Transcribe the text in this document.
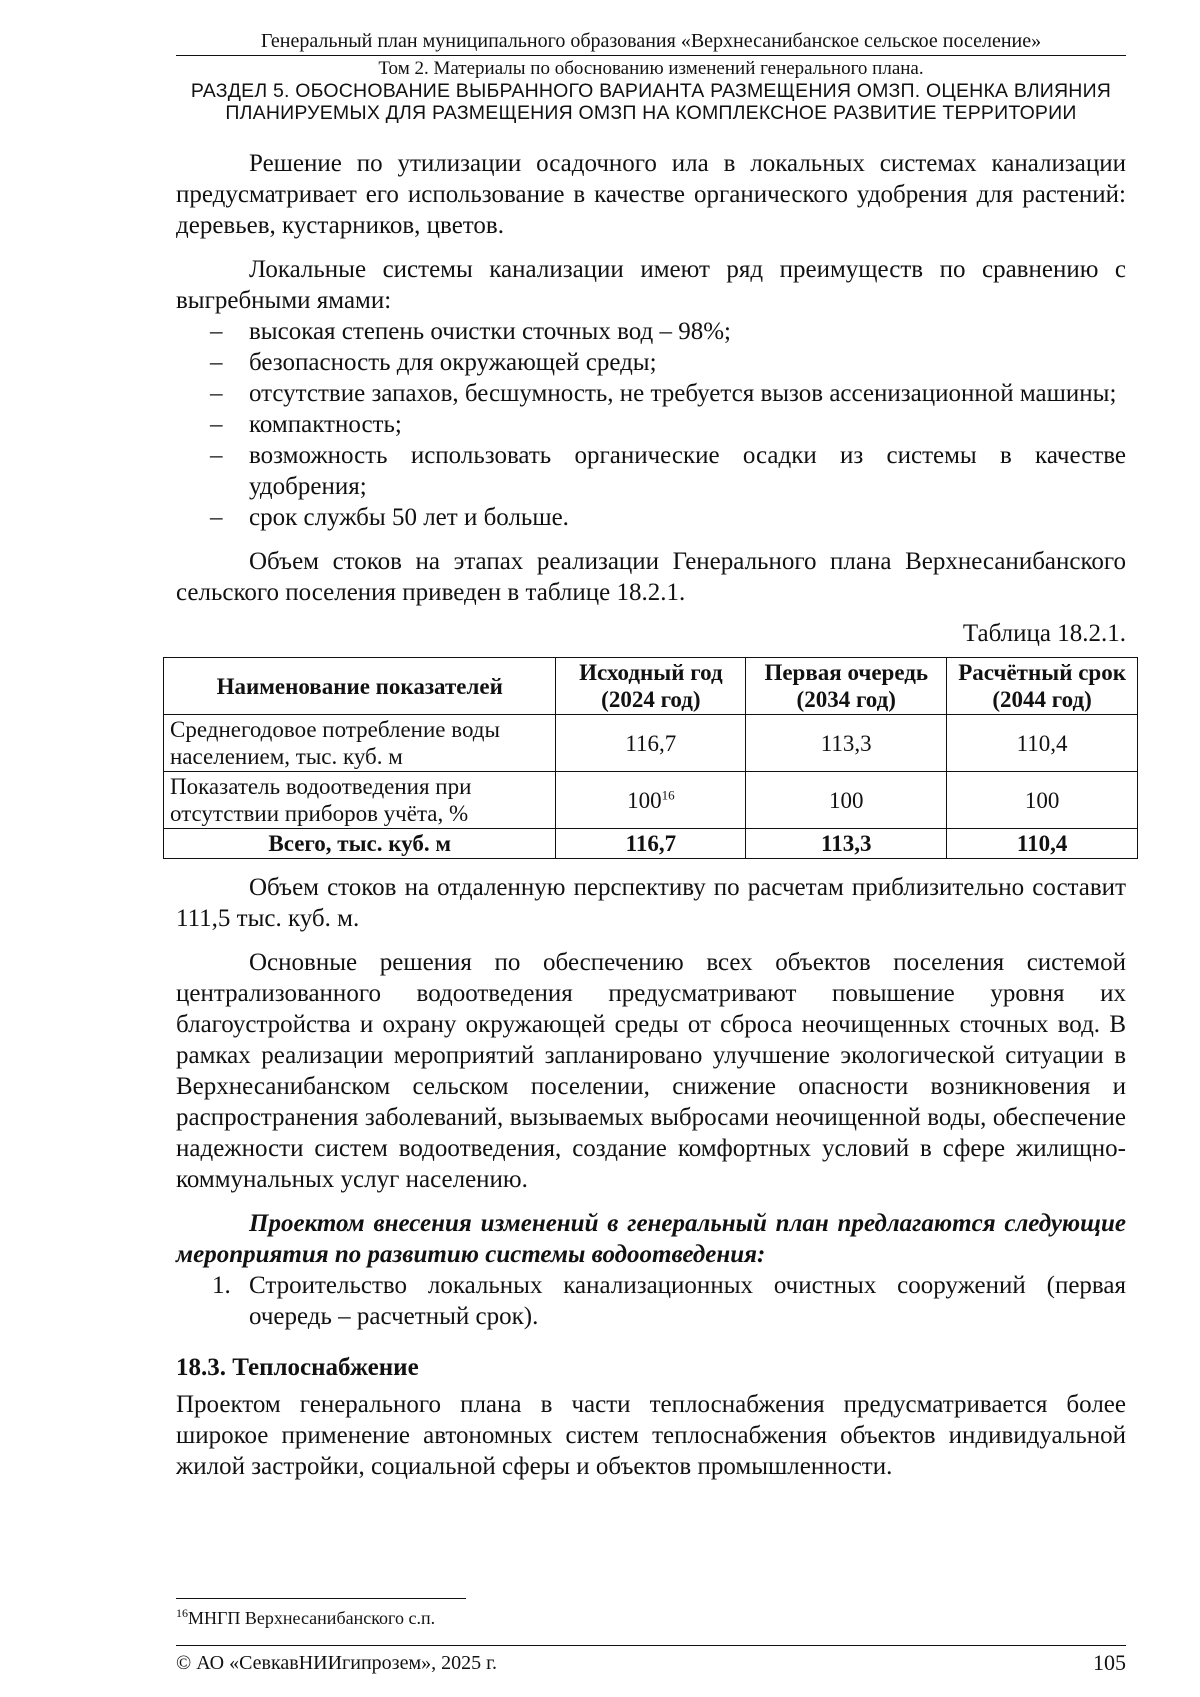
Генеральный план муниципального образования «Верхнесанибанское сельское поселение»
Том 2. Материалы по обоснованию изменений генерального плана.
РАЗДЕЛ 5. ОБОСНОВАНИЕ ВЫБРАННОГО ВАРИАНТА РАЗМЕЩЕНИЯ ОМЗП. ОЦЕНКА ВЛИЯНИЯ ПЛАНИРУЕМЫХ ДЛЯ РАЗМЕЩЕНИЯ ОМЗП НА КОМПЛЕКСНОЕ РАЗВИТИЕ ТЕРРИТОРИИ

Решение по утилизации осадочного ила в локальных системах канализации предусматривает его использование в качестве органического удобрения для растений: деревьев, кустарников, цветов.

Локальные системы канализации имеют ряд преимуществ по сравнению с выгребными ямами:

– высокая степень очистки сточных вод – 98%;
– безопасность для окружающей среды;
– отсутствие запахов, бесшумность, не требуется вызов ассенизационной машины;
– компактность;
– возможность использовать органические осадки из системы в качестве удобрения;
– срок службы 50 лет и больше.

Объем стоков на этапах реализации Генерального плана Верхнесанибанского сельского поселения приведен в таблице 18.2.1.

Таблица 18.2.1.
Наименование показателей	Исходный год (2024 год)	Первая очередь (2034 год)	Расчётный срок (2044 год)
Среднегодовое потребление воды населением, тыс. куб. м	116,7	113,3	110,4
Показатель водоотведения при отсутствии приборов учёта, %	100$^{16}$	100	100
Всего, тыс. куб. м	116,7	113,3	110,4

Объем стоков на отдаленную перспективу по расчетам приблизительно составит 111,5 тыс. куб. м.

Основные решения по обеспечению всех объектов поселения системой централизованного водоотведения предусматривают повышение уровня их благоустройства и охрану окружающей среды от сброса неочищенных сточных вод. В рамках реализации мероприятий запланировано улучшение экологической ситуации в Верхнесанибанском сельском поселении, снижение опасности возникновения и распространения заболеваний, вызываемых выбросами неочищенной воды, обеспечение надежности систем водоотведения, создание комфортных условий в сфере жилищно-коммунальных услуг населению.

Проектом внесения изменений в генеральный план предлагаются следующие мероприятия по развитию системы водоотведения:

1. Строительство локальных канализационных очистных сооружений (первая очередь – расчетный срок).
18.3. Теплоснабжение

Проектом генерального плана в части теплоснабжения предусматривается более широкое применение автономных систем теплоснабжения объектов индивидуальной жилой застройки, социальной сферы и объектов промышленности.

$^{16}$МНГП Верхнесанибанского с.п.
© АО «СевкавНИИгипрозем», 2025 г.	105
